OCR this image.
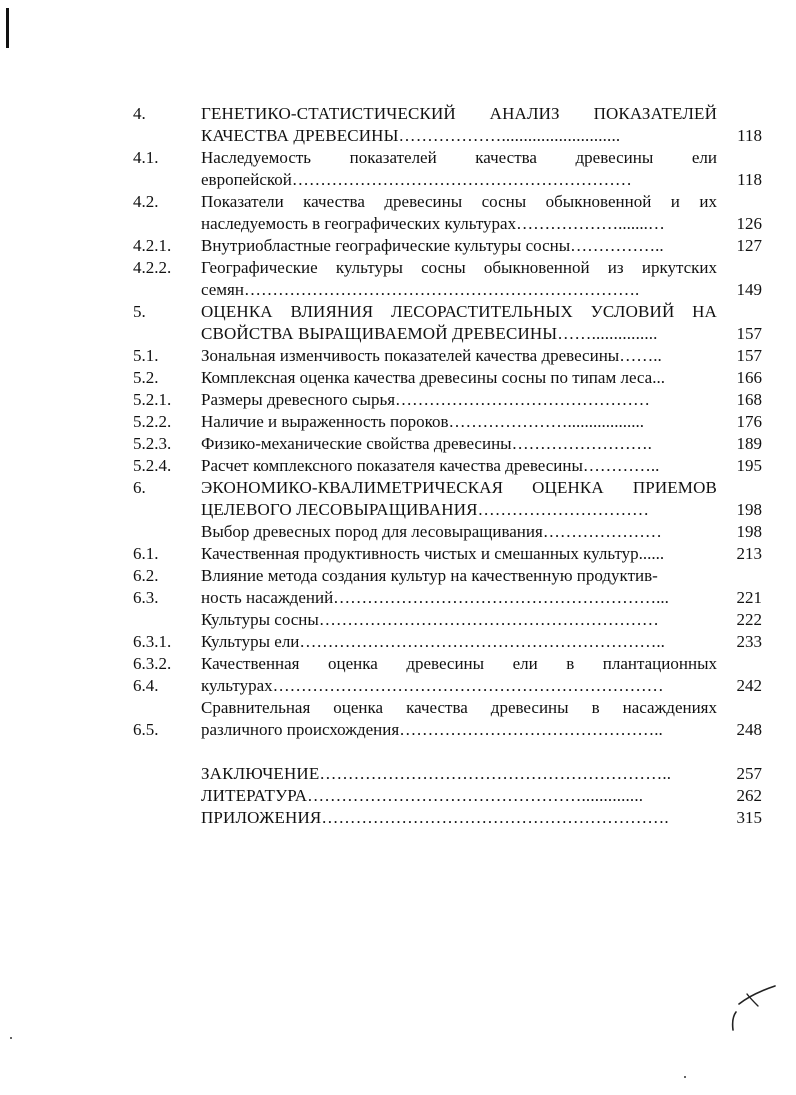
4.	ГЕНЕТИКО-СТАТИСТИЧЕСКИЙ АНАЛИЗ ПОКАЗАТЕЛЕЙ
КАЧЕСТВА ДРЕВЕСИНЫ………………...........................	118
4.1.	Наследуемость показателей качества древесины ели
европейской……………………………………………………	118
4.2.	Показатели качества древесины сосны обыкновенной и их
наследуемость в географических культурах……………….......…	126
4.2.1.	Внутриобластные географические культуры сосны……………..	127
4.2.2.	Географические культуры сосны обыкновенной из иркутских
семян…………………………………………………………….	149
5.	ОЦЕНКА ВЛИЯНИЯ ЛЕСОРАСТИТЕЛЬНЫХ УСЛОВИЙ НА
СВОЙСТВА ВЫРАЩИВАЕМОЙ ДРЕВЕСИНЫ……...............	157
5.1.	Зональная изменчивость показателей качества древесины……..	157
5.2.	Комплексная оценка качества древесины сосны по типам леса...	166
5.2.1.	Размеры древесного сырья………………………………………	168
5.2.2.	Наличие и выраженность пороков…………………..................	176
5.2.3.	Физико-механические свойства древесины…………………….	189
5.2.4.	Расчет комплексного показателя качества древесины…………..	195
6.	ЭКОНОМИКО-КВАЛИМЕТРИЧЕСКАЯ ОЦЕНКА ПРИЕМОВ
ЦЕЛЕВОГО ЛЕСОВЫРАЩИВАНИЯ…………………………	198
Выбор древесных пород для лесовыращивания…………………	198
6.1.	Качественная продуктивность чистых и смешанных культур......	213
6.2.	Влияние метода создания культур на качественную продуктив-
6.3.	ность насаждений…………………………………………………...	221
Культуры сосны……………………………………………………	222
6.3.1.	Культуры ели………………………………………………………..	233
6.3.2.	Качественная оценка древесины ели в плантационных
6.4.	культурах……………………………………………………………	242
Сравнительная оценка качества древесины в насаждениях
6.5.	различного происхождения………………………………………..	248
ЗАКЛЮЧЕНИЕ……………………………………………………..	257
ЛИТЕРАТУРА…………………………………………..............	262
ПРИЛОЖЕНИЯ…………………………………………………….	315
